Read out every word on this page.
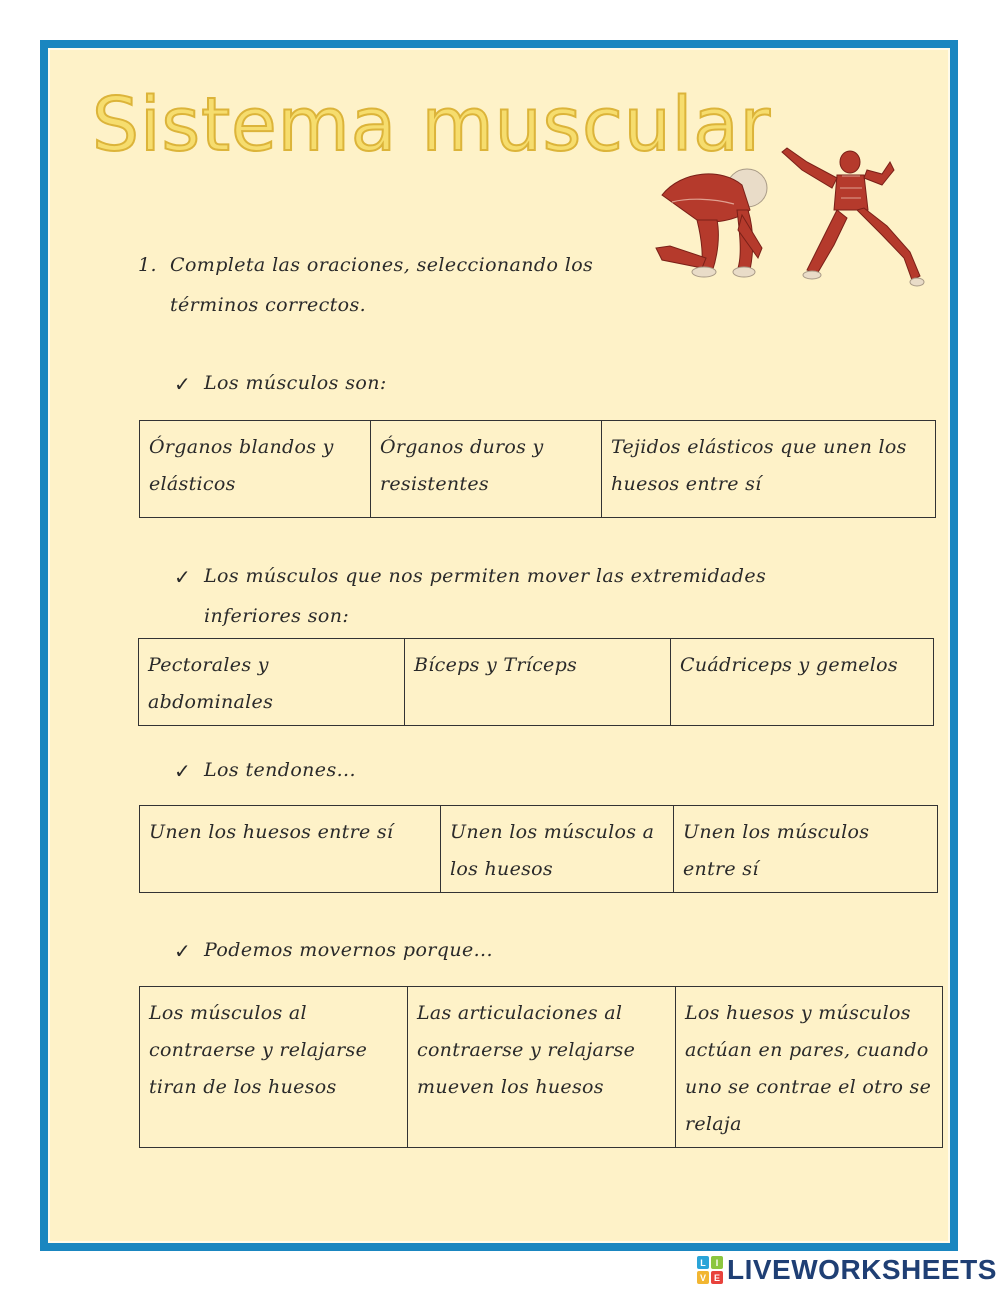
Sistema muscular
1. Completa las oraciones, seleccionando los
términos correctos.
✓ Los músculos son:
Órganos blandos y elásticos	Órganos duros y resistentes	Tejidos elásticos que unen los huesos entre sí
✓ Los músculos que nos permiten mover las extremidades
inferiores son:
Pectorales y abdominales	Bíceps y Tríceps	Cuádriceps y gemelos
✓ Los tendones...
Unen los huesos entre sí	Unen los músculos a los huesos	Unen los músculos entre sí
✓ Podemos movernos porque...
Los músculos al contraerse y relajarse tiran de los huesos	Las articulaciones al contraerse y relajarse mueven los huesos	Los huesos y músculos actúan en pares, cuando uno se contrae el otro se relaja
L I
V E LIVEWORKSHEETS
